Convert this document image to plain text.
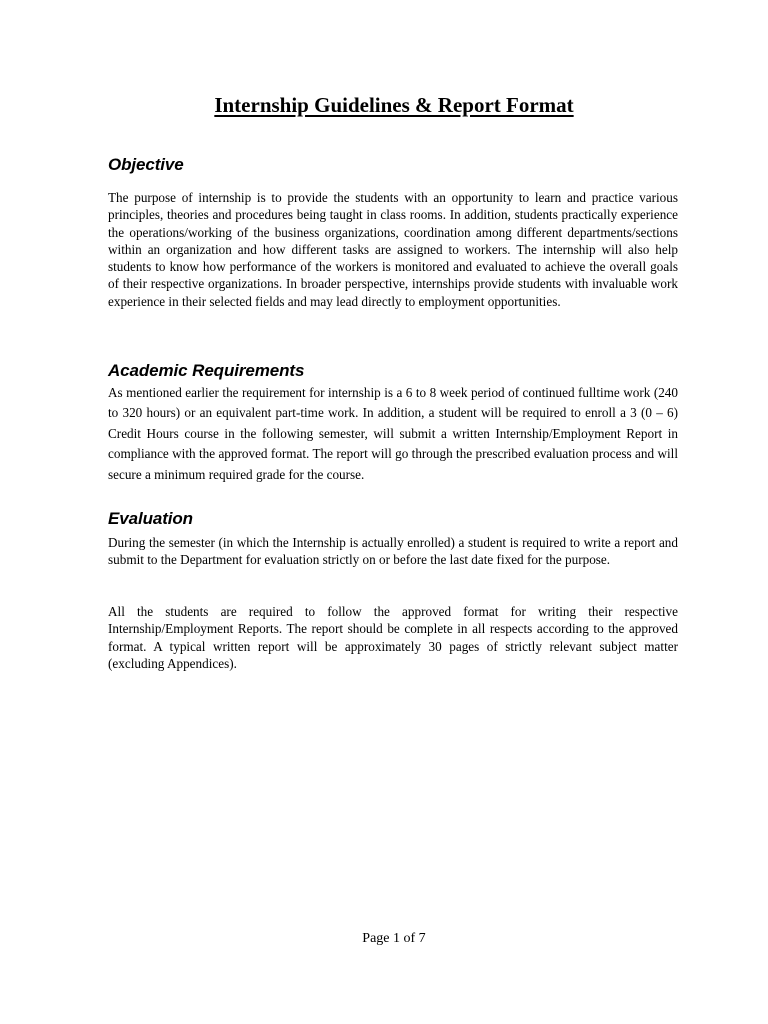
Internship Guidelines & Report Format
Objective

The purpose of internship is to provide the students with an opportunity to learn and practice various principles, theories and procedures being taught in class rooms. In addition, students practically experience the operations/working of the business organizations, coordination among different departments/sections within an organization and how different tasks are assigned to workers. The internship will also help students to know how performance of the workers is monitored and evaluated to achieve the overall goals of their respective organizations. In broader perspective, internships provide students with invaluable work experience in their selected fields and may lead directly to employment opportunities.

Academic Requirements

As mentioned earlier the requirement for internship is a 6 to 8 week period of continued fulltime work (240 to 320 hours) or an equivalent part-time work. In addition, a student will be required to enroll a 3 (0 – 6) Credit Hours course in the following semester, will submit a written Internship/Employment Report in compliance with the approved format. The report will go through the prescribed evaluation process and will secure a minimum required grade for the course.

Evaluation

During the semester (in which the Internship is actually enrolled) a student is required to write a report and submit to the Department for evaluation strictly on or before the last date fixed for the purpose.

All the students are required to follow the approved format for writing their respective Internship/Employment Reports. The report should be complete in all respects according to the approved format. A typical written report will be approximately 30 pages of strictly relevant subject matter (excluding Appendices).

Page 1 of 7
